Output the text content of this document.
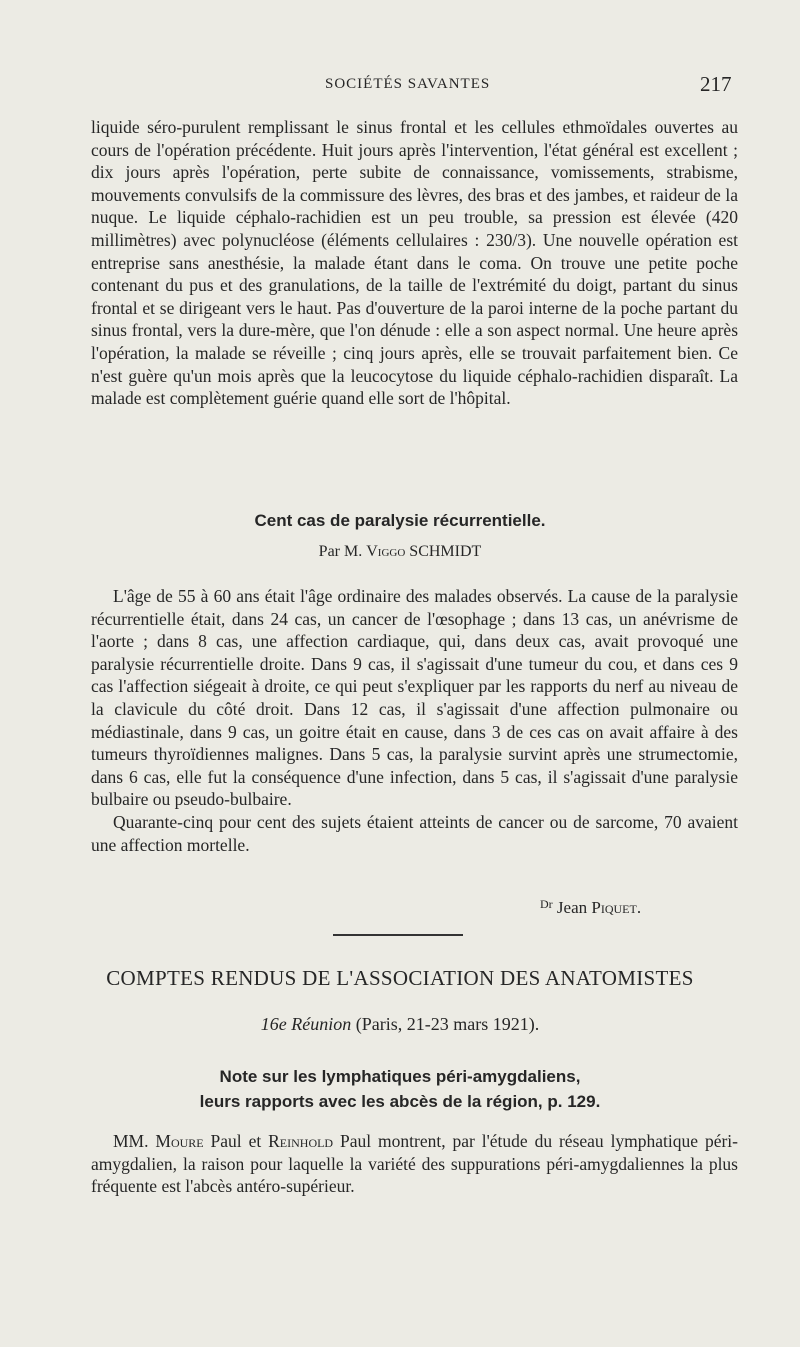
SOCIÉTÉS SAVANTES	217

liquide séro-purulent remplissant le sinus frontal et les cellules ethmoïdales ouvertes au cours de l'opération précédente. Huit jours après l'intervention, l'état général est excellent ; dix jours après l'opération, perte subite de connaissance, vomissements, strabisme, mouvements convulsifs de la commissure des lèvres, des bras et des jambes, et raideur de la nuque. Le liquide céphalo-rachidien est un peu trouble, sa pression est élevée (420 millimètres) avec polynucléose (éléments cellulaires : 230/3). Une nouvelle opération est entreprise sans anesthésie, la malade étant dans le coma. On trouve une petite poche contenant du pus et des granulations, de la taille de l'extrémité du doigt, partant du sinus frontal et se dirigeant vers le haut. Pas d'ouverture de la paroi interne de la poche partant du sinus frontal, vers la dure-mère, que l'on dénude : elle a son aspect normal. Une heure après l'opération, la malade se réveille ; cinq jours après, elle se trouvait parfaitement bien. Ce n'est guère qu'un mois après que la leucocytose du liquide céphalo-rachidien disparaît. La malade est complètement guérie quand elle sort de l'hôpital.

Cent cas de paralysie récurrentielle.
Par M. Viggo SCHMIDT

L'âge de 55 à 60 ans était l'âge ordinaire des malades observés. La cause de la paralysie récurrentielle était, dans 24 cas, un cancer de l'œsophage ; dans 13 cas, un anévrisme de l'aorte ; dans 8 cas, une affection cardiaque, qui, dans deux cas, avait provoqué une paralysie récurrentielle droite. Dans 9 cas, il s'agissait d'une tumeur du cou, et dans ces 9 cas l'affection siégeait à droite, ce qui peut s'expliquer par les rapports du nerf au niveau de la clavicule du côté droit. Dans 12 cas, il s'agissait d'une affection pulmonaire ou médiastinale, dans 9 cas, un goitre était en cause, dans 3 de ces cas on avait affaire à des tumeurs thyroïdiennes malignes. Dans 5 cas, la paralysie survint après une strumectomie, dans 6 cas, elle fut la conséquence d'une infection, dans 5 cas, il s'agissait d'une paralysie bulbaire ou pseudo-bulbaire.

Quarante-cinq pour cent des sujets étaient atteints de cancer ou de sarcome, 70 avaient une affection mortelle.

$^{Dr}$ Jean Piquet.
COMPTES RENDUS DE L'ASSOCIATION DES ANATOMISTES
16e Réunion (Paris, 21-23 mars 1921).
Note sur les lymphatiques péri-amygdaliens,
leurs rapports avec les abcès de la région, p. 129.

MM. Moure Paul et Reinhold Paul montrent, par l'étude du réseau lymphatique péri-amygdalien, la raison pour laquelle la variété des suppurations péri-amygdaliennes la plus fréquente est l'abcès antéro-supérieur.
